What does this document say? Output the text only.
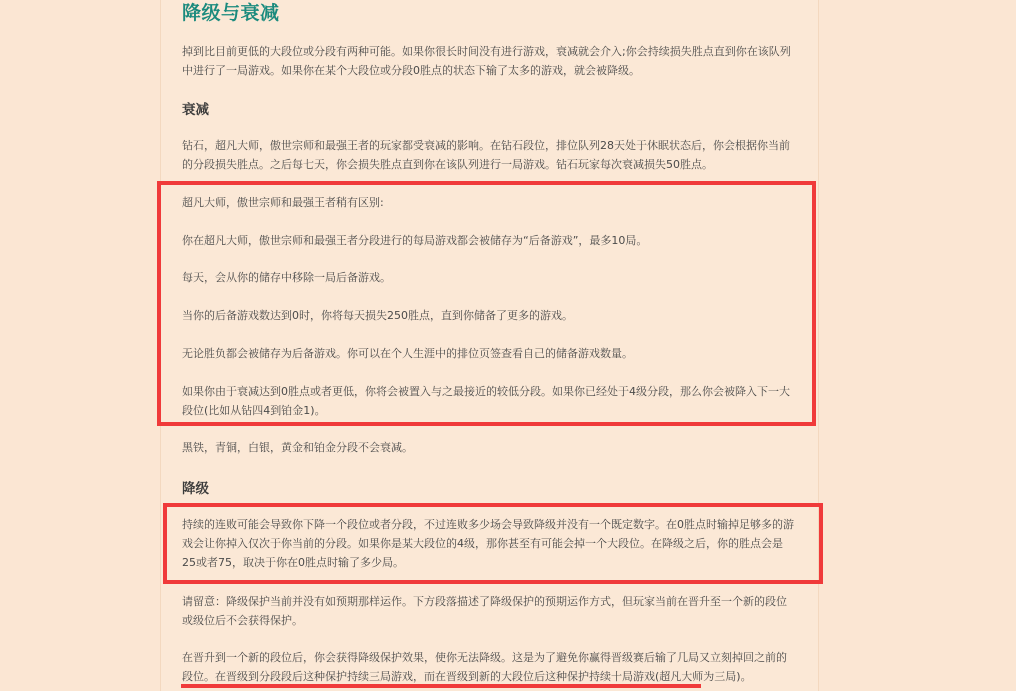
降级与衰减

掉到比目前更低的大段位或分段有两种可能。如果你很长时间没有进行游戏，衰减就会介入;你会持续损失胜点直到你在该队列中进行了一局游戏。如果你在某个大段位或分段0胜点的状态下输了太多的游戏，就会被降级。

衰减

钻石，超凡大师，傲世宗师和最强王者的玩家都受衰减的影响。在钻石段位，排位队列28天处于休眠状态后，你会根据你当前的分段损失胜点。之后每七天，你会损失胜点直到你在该队列进行一局游戏。钻石玩家每次衰减损失50胜点。

超凡大师，傲世宗师和最强王者稍有区别:

你在超凡大师，傲世宗师和最强王者分段进行的每局游戏都会被储存为“后备游戏”，最多10局。

每天，会从你的储存中移除一局后备游戏。

当你的后备游戏数达到0时，你将每天损失250胜点，直到你储备了更多的游戏。

无论胜负都会被储存为后备游戏。你可以在个人生涯中的排位页签查看自己的储备游戏数量。

如果你由于衰减达到0胜点或者更低，你将会被置入与之最接近的较低分段。如果你已经处于4级分段，那么你会被降入下一大段位(比如从钻四4到铂金1)。

黑铁，青铜，白银，黄金和铂金分段不会衰减。

降级

持续的连败可能会导致你下降一个段位或者分段，不过连败多少场会导致降级并没有一个既定数字。在0胜点时输掉足够多的游戏会让你掉入仅次于你当前的分段。如果你是某大段位的4级，那你甚至有可能会掉一个大段位。在降级之后，你的胜点会是25或者75，取决于你在0胜点时输了多少局。

请留意：降级保护当前并没有如预期那样运作。下方段落描述了降级保护的预期运作方式，但玩家当前在晋升至一个新的段位或级位后不会获得保护。

在晋升到一个新的段位后，你会获得降级保护效果，使你无法降级。这是为了避免你赢得晋级赛后输了几局又立刻掉回之前的段位。在晋级到分段段后这种保护持续三局游戏，而在晋级到新的大段位后这种保护持续十局游戏(超凡大师为三局)。
